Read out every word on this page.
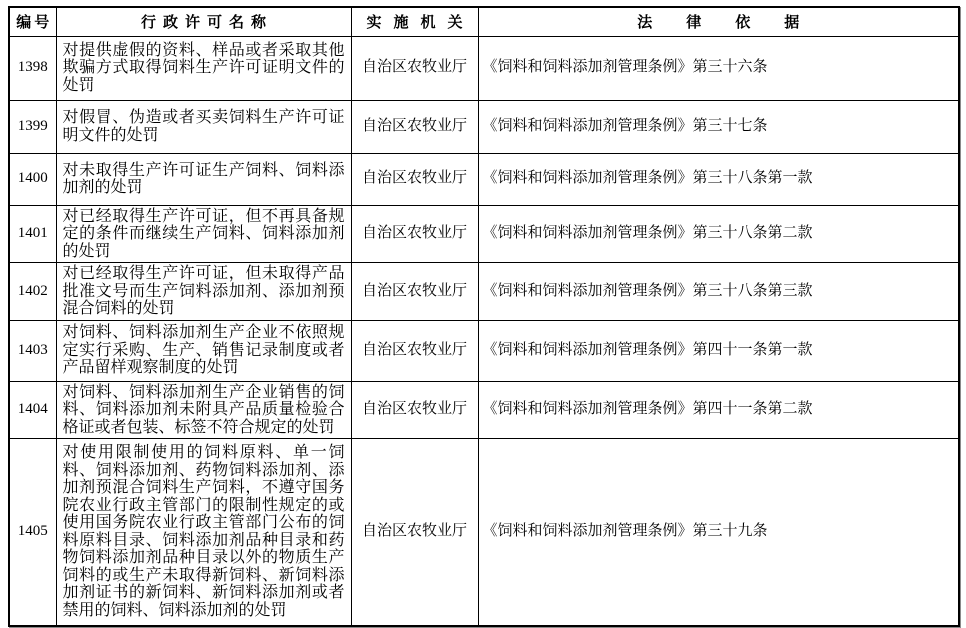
编号	行政许可名称	实施机关	法律依据
1398	对提供虚假的资料、样品或者采取其他欺骗方式取得饲料生产许可证明文件的处罚	自治区农牧业厅	《饲料和饲料添加剂管理条例》第三十六条
1399	对假冒、伪造或者买卖饲料生产许可证明文件的处罚	自治区农牧业厅	《饲料和饲料添加剂管理条例》第三十七条
1400	对未取得生产许可证生产饲料、饲料添加剂的处罚	自治区农牧业厅	《饲料和饲料添加剂管理条例》第三十八条第一款
1401	对已经取得生产许可证，但不再具备规定的条件而继续生产饲料、饲料添加剂的处罚	自治区农牧业厅	《饲料和饲料添加剂管理条例》第三十八条第二款
1402	对已经取得生产许可证，但未取得产品批准文号而生产饲料添加剂、添加剂预混合饲料的处罚	自治区农牧业厅	《饲料和饲料添加剂管理条例》第三十八条第三款
1403	对饲料、饲料添加剂生产企业不依照规定实行采购、生产、销售记录制度或者产品留样观察制度的处罚	自治区农牧业厅	《饲料和饲料添加剂管理条例》第四十一条第一款
1404	对饲料、饲料添加剂生产企业销售的饲料、饲料添加剂未附具产品质量检验合格证或者包装、标签不符合规定的处罚	自治区农牧业厅	《饲料和饲料添加剂管理条例》第四十一条第二款
1405	对使用限制使用的饲料原料、单一饲料、饲料添加剂、药物饲料添加剂、添加剂预混合饲料生产饲料，不遵守国务院农业行政主管部门的限制性规定的或使用国务院农业行政主管部门公布的饲料原料目录、饲料添加剂品种目录和药物饲料添加剂品种目录以外的物质生产饲料的或生产未取得新饲料、新饲料添加剂证书的新饲料、新饲料添加剂或者禁用的饲料、饲料添加剂的处罚	自治区农牧业厅	《饲料和饲料添加剂管理条例》第三十九条
